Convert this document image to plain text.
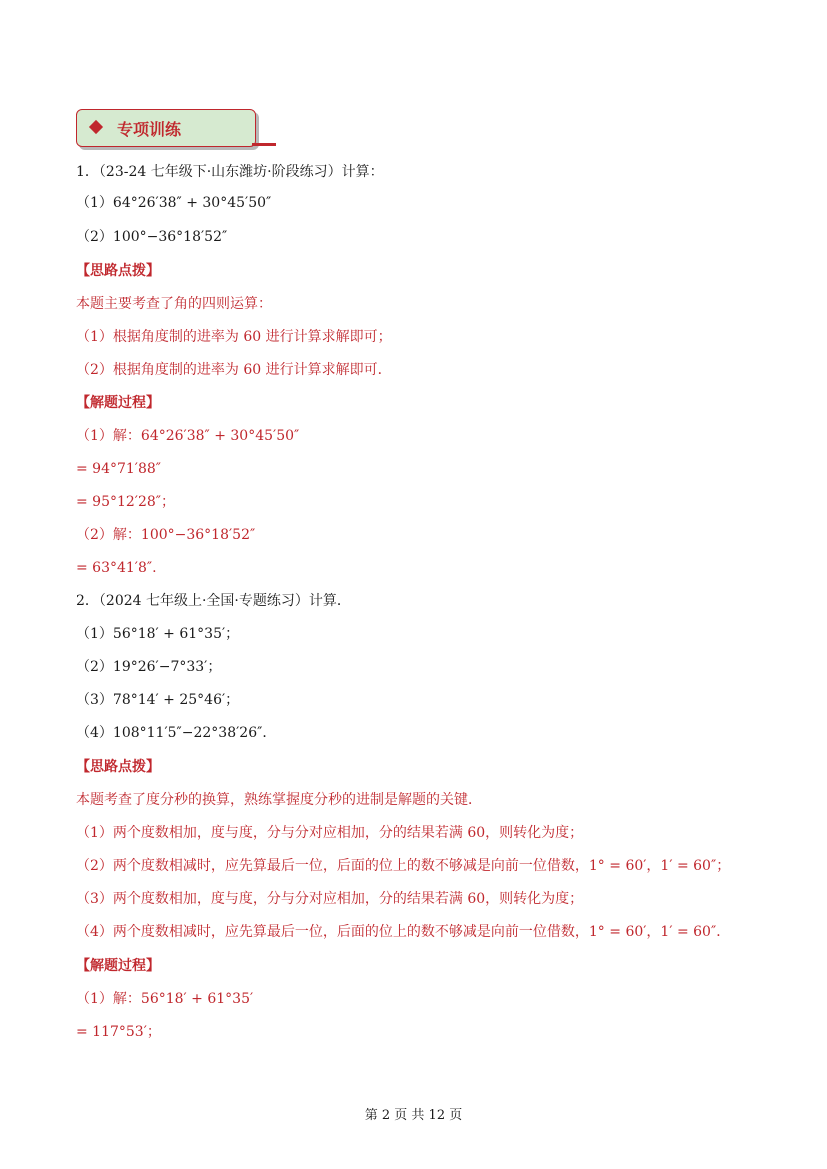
专项训练
1．（23-24 七年级下·山东潍坊·阶段练习）计算：
（1）64°26′38″ + 30°45′50″
（2）100°−36°18′52″
【思路点拨】
本题主要考查了角的四则运算：
（1）根据角度制的进率为 60 进行计算求解即可；
（2）根据角度制的进率为 60 进行计算求解即可．
【解题过程】
（1）解：64°26′38″ + 30°45′50″
= 94°71′88″
= 95°12′28″；
（2）解：100°−36°18′52″
= 63°41′8″.
2．（2024 七年级上·全国·专题练习）计算．
（1）56°18′ + 61°35′；
（2）19°26′−7°33′；
（3）78°14′ + 25°46′；
（4）108°11′5″−22°38′26″．
【思路点拨】
本题考查了度分秒的换算，熟练掌握度分秒的进制是解题的关键．
（1）两个度数相加，度与度，分与分对应相加，分的结果若满 60，则转化为度；
（2）两个度数相减时，应先算最后一位，后面的位上的数不够减是向前一位借数，1° = 60′，1′ = 60″；
（3）两个度数相加，度与度，分与分对应相加，分的结果若满 60，则转化为度；
（4）两个度数相减时，应先算最后一位，后面的位上的数不够减是向前一位借数，1° = 60′，1′ = 60″．
【解题过程】
（1）解：56°18′ + 61°35′
= 117°53′；
第 2 页 共 12 页
